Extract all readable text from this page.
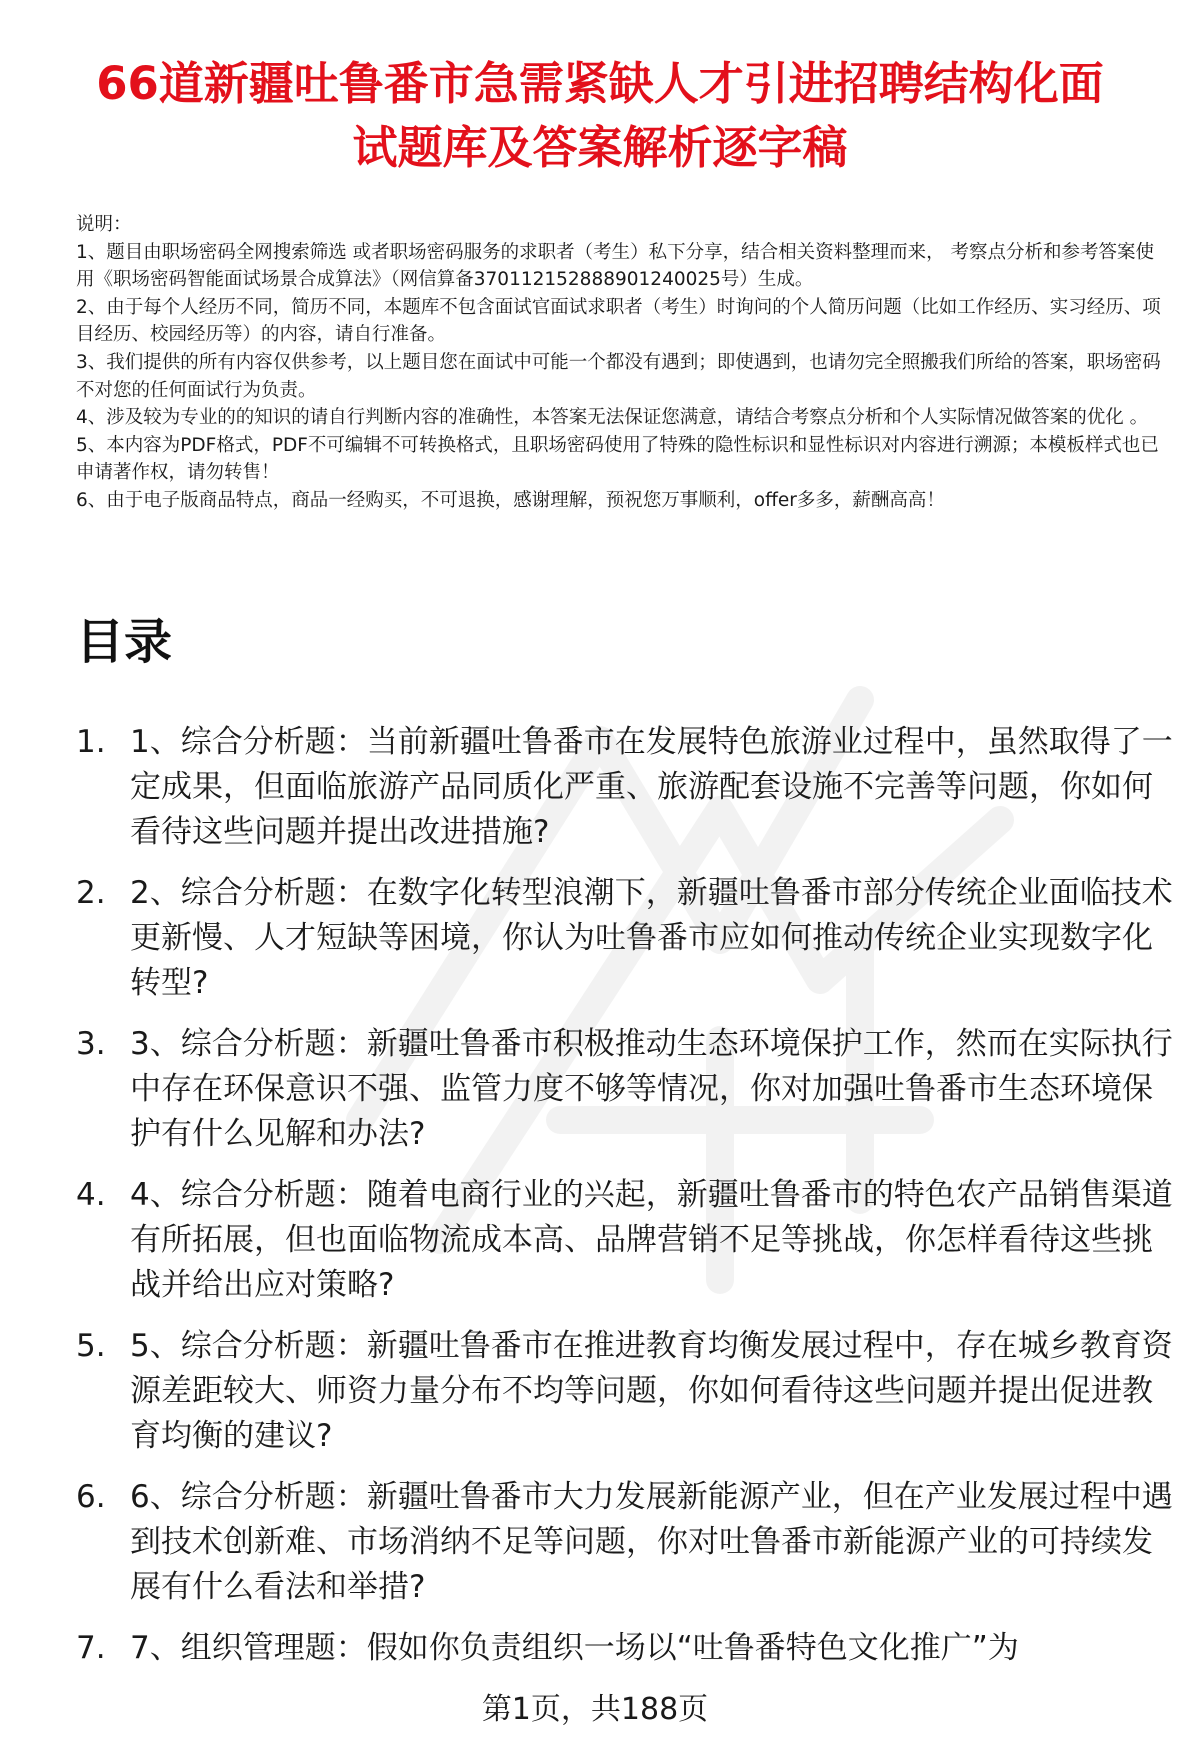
66道新疆吐鲁番市急需紧缺人才引进招聘结构化面试题库及答案解析逐字稿

说明：

1、题目由职场密码全网搜索筛选 或者职场密码服务的求职者（考生）私下分享，结合相关资料整理而来， 考察点分析和参考答案使用《职场密码智能面试场景合成算法》（网信算备370112152888901240025号）生成。

2、由于每个人经历不同，简历不同，本题库不包含面试官面试求职者（考生）时询问的个人简历问题（比如工作经历、实习经历、项目经历、校园经历等）的内容，请自行准备。

3、我们提供的所有内容仅供参考，以上题目您在面试中可能一个都没有遇到；即使遇到，也请勿完全照搬我们所给的答案，职场密码不对您的任何面试行为负责。

4、涉及较为专业的的知识的请自行判断内容的准确性，本答案无法保证您满意，请结合考察点分析和个人实际情况做答案的优化 。

5、本内容为PDF格式，PDF不可编辑不可转换格式，且职场密码使用了特殊的隐性标识和显性标识对内容进行溯源；本模板样式也已申请著作权，请勿转售！

6、由于电子版商品特点，商品一经购买，不可退换，感谢理解，预祝您万事顺利，offer多多，薪酬高高！

目录
1. 1、综合分析题：当前新疆吐鲁番市在发展特色旅游业过程中，虽然取得了一定成果，但面临旅游产品同质化严重、旅游配套设施不完善等问题，你如何看待这些问题并提出改进措施?
2. 2、综合分析题：在数字化转型浪潮下，新疆吐鲁番市部分传统企业面临技术更新慢、人才短缺等困境，你认为吐鲁番市应如何推动传统企业实现数字化转型?
3. 3、综合分析题：新疆吐鲁番市积极推动生态环境保护工作，然而在实际执行中存在环保意识不强、监管力度不够等情况，你对加强吐鲁番市生态环境保护有什么见解和办法?
4. 4、综合分析题：随着电商行业的兴起，新疆吐鲁番市的特色农产品销售渠道有所拓展，但也面临物流成本高、品牌营销不足等挑战，你怎样看待这些挑战并给出应对策略?
5. 5、综合分析题：新疆吐鲁番市在推进教育均衡发展过程中，存在城乡教育资源差距较大、师资力量分布不均等问题，你如何看待这些问题并提出促进教育均衡的建议?
6. 6、综合分析题：新疆吐鲁番市大力发展新能源产业，但在产业发展过程中遇到技术创新难、市场消纳不足等问题，你对吐鲁番市新能源产业的可持续发展有什么看法和举措?
7. 7、组织管理题：假如你负责组织一场以“吐鲁番特色文化推广”为
第1页，共188页
